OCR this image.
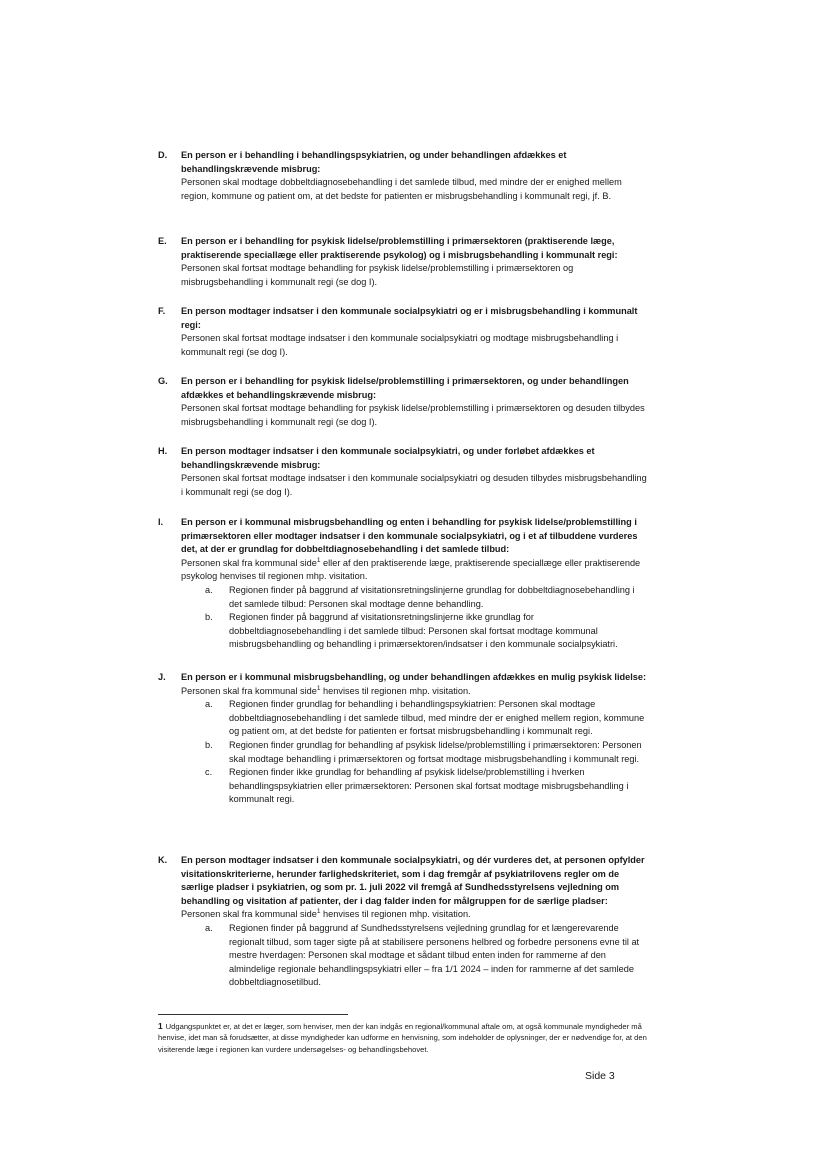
D.	En person er i behandling i behandlingspsykiatrien, og under behandlingen afdækkes et behandlingskrævende misbrug:
Personen skal modtage dobbeltdiagnosebehandling i det samlede tilbud, med mindre der er enighed mellem region, kommune og patient om, at det bedste for patienten er misbrugsbehandling i kommunalt regi, jf. B.
E.	En person er i behandling for psykisk lidelse/problemstilling i primærsektoren (praktiserende læge, praktiserende speciallæge eller praktiserende psykolog) og i misbrugsbehandling i kommunalt regi:
Personen skal fortsat modtage behandling for psykisk lidelse/problemstilling i primærsektoren og misbrugsbehandling i kommunalt regi (se dog I).
F.	En person modtager indsatser i den kommunale socialpsykiatri og er i misbrugsbehandling i kommunalt regi:
Personen skal fortsat modtage indsatser i den kommunale socialpsykiatri og modtage misbrugsbehandling i kommunalt regi (se dog I).
G.	En person er i behandling for psykisk lidelse/problemstilling i primærsektoren, og under behandlingen afdækkes et behandlingskrævende misbrug:
Personen skal fortsat modtage behandling for psykisk lidelse/problemstilling i primærsektoren og desuden tilbydes misbrugsbehandling i kommunalt regi (se dog I).
H.	En person modtager indsatser i den kommunale socialpsykiatri, og under forløbet afdækkes et behandlingskrævende misbrug:
Personen skal fortsat modtage indsatser i den kommunale socialpsykiatri og desuden tilbydes misbrugsbehandling i kommunalt regi (se dog I).
I.	En person er i kommunal misbrugsbehandling og enten i behandling for psykisk lidelse/problemstilling i primærsektoren eller modtager indsatser i den kommunale socialpsykiatri, og i et af tilbuddene vurderes det, at der er grundlag for dobbeltdiagnosebehandling i det samlede tilbud:
Personen skal fra kommunal side$^1$ eller af den praktiserende læge, praktiserende speciallæge eller praktiserende psykolog henvises til regionen mhp. visitation.
a. Regionen finder på baggrund af visitationsretningslinjerne grundlag for dobbeltdiagnosebehandling i det samlede tilbud: Personen skal modtage denne behandling.
b. Regionen finder på baggrund af visitationsretningslinjerne ikke grundlag for dobbeltdiagnosebehandling i det samlede tilbud: Personen skal fortsat modtage kommunal misbrugsbehandling og behandling i primærsektoren/indsatser i den kommunale socialpsykiatri.
J.	En person er i kommunal misbrugsbehandling, og under behandlingen afdækkes en mulig psykisk lidelse:
Personen skal fra kommunal side$^1$ henvises til regionen mhp. visitation.
a. Regionen finder grundlag for behandling i behandlingspsykiatrien: Personen skal modtage dobbeltdiagnosebehandling i det samlede tilbud, med mindre der er enighed mellem region, kommune og patient om, at det bedste for patienten er fortsat misbrugsbehandling i kommunalt regi.
b. Regionen finder grundlag for behandling af psykisk lidelse/problemstilling i primærsektoren: Personen skal modtage behandling i primærsektoren og fortsat modtage misbrugsbehandling i kommunalt regi.
c. Regionen finder ikke grundlag for behandling af psykisk lidelse/problemstilling i hverken behandlingspsykiatrien eller primærsektoren: Personen skal fortsat modtage misbrugsbehandling i kommunalt regi.
K.	En person modtager indsatser i den kommunale socialpsykiatri, og dér vurderes det, at personen opfylder visitationskriterierne, herunder farlighedskriteriet, som i dag fremgår af psykiatrilovens regler om de særlige pladser i psykiatrien, og som pr. 1. juli 2022 vil fremgå af Sundhedsstyrelsens vejledning om behandling og visitation af patienter, der i dag falder inden for målgruppen for de særlige pladser:
Personen skal fra kommunal side$^1$ henvises til regionen mhp. visitation.
a. Regionen finder på baggrund af Sundhedsstyrelsens vejledning grundlag for et længerevarende regionalt tilbud, som tager sigte på at stabilisere personens helbred og forbedre personens evne til at mestre hverdagen: Personen skal modtage et sådant tilbud enten inden for rammerne af den almindelige regionale behandlingspsykiatri eller – fra 1/1 2024 – inden for rammerne af det samlede dobbeltdiagnosetilbud.
1 Udgangspunktet er, at det er læger, som henviser, men der kan indgås en regional/kommunal aftale om, at også kommunale myndigheder må henvise, idet man så forudsætter, at disse myndigheder kan udforme en henvisning, som indeholder de oplysninger, der er nødvendige for, at den visiterende læge i regionen kan vurdere undersøgelses- og behandlingsbehovet.
Side 3
